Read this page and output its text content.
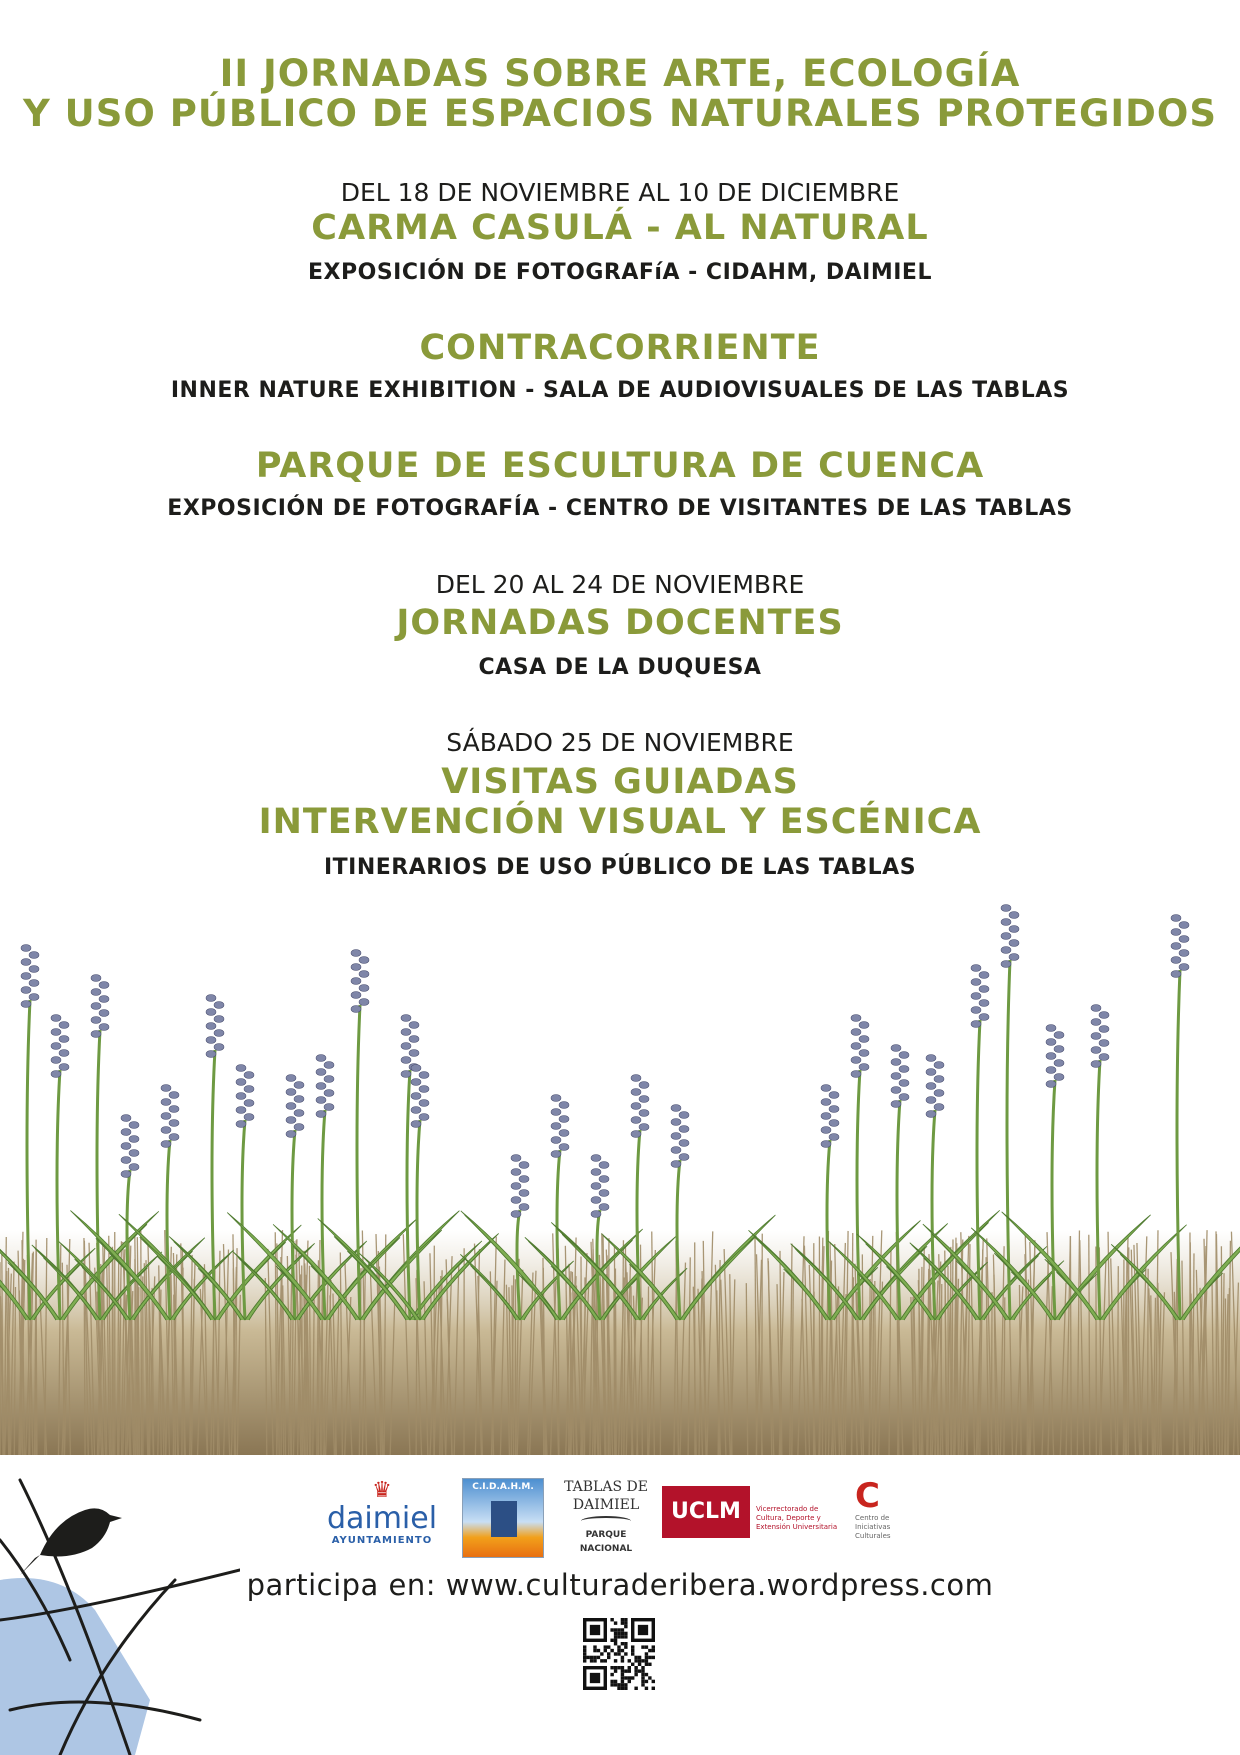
II JORNADAS SOBRE ARTE, ECOLOGÍA
Y USO PÚBLICO DE ESPACIOS NATURALES PROTEGIDOS
DEL 18 DE NOVIEMBRE AL 10 DE DICIEMBRE
CARMA CASULÁ - AL NATURAL
EXPOSICIÓN DE FOTOGRAFíA - CIDAHM, DAIMIEL
CONTRACORRIENTE
INNER NATURE EXHIBITION - SALA DE AUDIOVISUALES DE LAS TABLAS
PARQUE DE ESCULTURA DE CUENCA
EXPOSICIÓN DE FOTOGRAFÍA - CENTRO DE VISITANTES DE LAS TABLAS
DEL 20 AL 24 DE NOVIEMBRE
JORNADAS DOCENTES
CASA DE LA DUQUESA
SÁBADO 25 DE NOVIEMBRE
VISITAS GUIADAS
INTERVENCIÓN VISUAL Y ESCÉNICA
ITINERARIOS DE USO PÚBLICO DE LAS TABLAS
♛
daimiel
AYUNTAMIENTO
C.I.D.A.H.M.	TABLAS DE
DAIMIEL
PARQUE NACIONAL
UCLM	Vicerrectorado de Cultura, Deporte y Extensión Universitaria
C
Centro de Iniciativas Culturales
participa en: www.culturaderibera.wordpress.com
